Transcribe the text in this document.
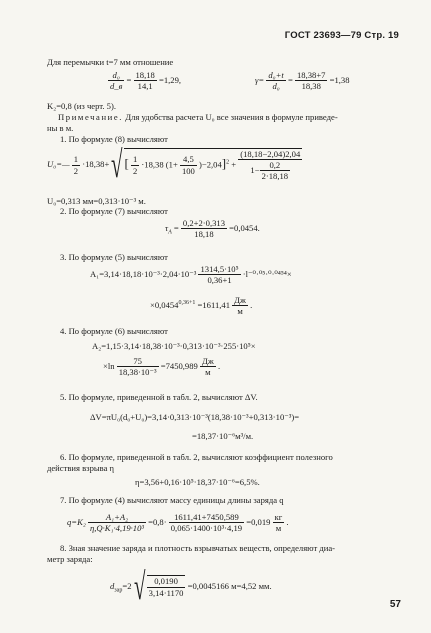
ГОСТ 23693—79 Стр. 19
Для перемычки t=7 мм отношение
$\frac{\text{d₀}}{d\_в} = \frac{18,18}{14,1} =1,29$,	$\gamma= \frac{\text{d₀+t}}{\text{d₀}} = \frac{18,38+7}{18,38} =1,38$
K₂=0,8 (из черт. 5).
Примечание. Для удобства расчета U₀ все значения в формуле приведе-
ны в м.
1. По формуле (8) вычисляют
U₀=— $\frac{1}{2} \cdot 18,38+$ √ [ $\frac{1}{2} \cdot 18,38$ $(1+ \frac{4,5}{100} )-2,04]^2 + \frac{(18,18-2,04)2,04}{1- \frac{0,2}{2\cdot 18,18}}$
U₀=0,313 мм=0,313·10⁻³ м.
2. По формуле (7) вычисляют
$\tau_A = \frac{0,2+2\cdot 0,313}{18,18} =0,0454$.
3. По формуле (5) вычисляют
$A_1=3,14\cdot 18,18\cdot 10^{-3}\cdot 2,04\cdot 10^{-3} \frac{\text{1314,5·10⁵}}{0,36+1} \cdot l^{-0}\cdot^{05}\cdot^0\cdot^{0454}\times$
$\times 0,0454^{0,36+1} =1611,41 \frac{Дж}{м}$ .
4. По формуле (6) вычисляют
A₂=1,15·3,14·18,38·10⁻³·0,313·10⁻³·255·10⁵×
$\times\ln \frac{75}{\text{18,38·10⁻³}} =7450,989 \frac{Дж}{м}$ .
5. По формуле, приведенной в табл. 2, вычисляют ΔV.
ΔV=πU₀(d₀+U₀)=3,14·0,313·10⁻³(18,38·10⁻³+0,313·10⁻³)=
=18,37·10⁻⁶м³/м.
6. По формуле, приведенной в табл. 2, вычисляют коэффициент полезного
действия взрыва η
η=3,56+0,16·10⁵·18,37·10⁻⁶=6,5%.
7. По формуле (4) вычисляют массу единицы длины заряда q
$q=K_2 \frac{\text{A₁+A₂}}{\text{η,Q·K₁·4,19·10³}} =0,8\cdot \frac{1611,41+7450,589}{\text{0,065·1400·10³·4,19}} =0,019 \frac{кг}{м}$ .
8. Зная значение заряда и плотность взрывчатых веществ, определяют диа-
метр заряда:
$d_{зар}=2$ √ $\frac{0,0190}{3,14\cdot 1170} =0,0045166$ м=4,52 мм.
57
